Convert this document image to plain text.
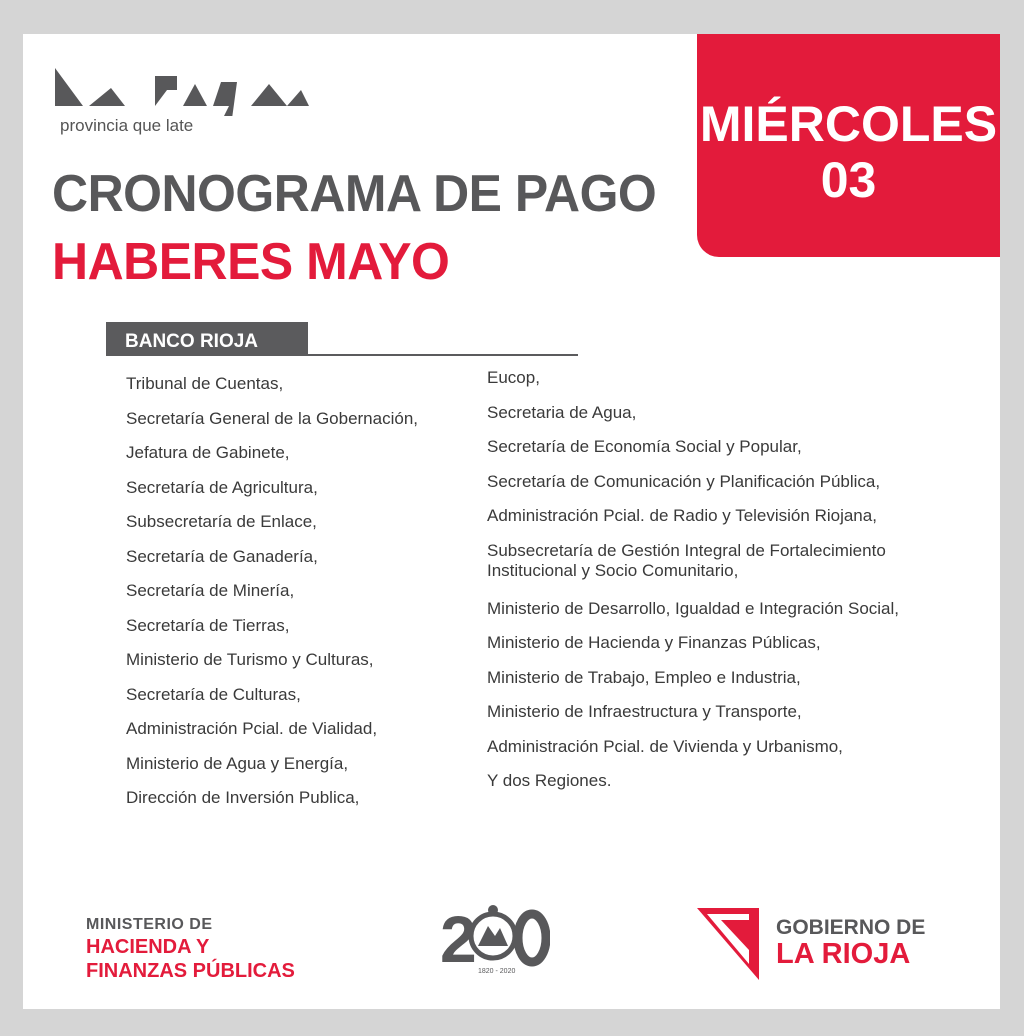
provincia que late	MIÉRCOLES
03
CRONOGRAMA DE PAGO
HABERES MAYO
BANCO RIOJA
Tribunal de Cuentas,
Secretaría General de la Gobernación,
Jefatura de Gabinete,
Secretaría de Agricultura,
Subsecretaría de Enlace,
Secretaría de Ganadería,
Secretaría de Minería,
Secretaría de Tierras,
Ministerio de Turismo y Culturas,
Secretaría de Culturas,
Administración Pcial. de Vialidad,
Ministerio de Agua y Energía,
Dirección de Inversión Publica,
Eucop,
Secretaria de Agua,
Secretaría de Economía Social y Popular,
Secretaría de Comunicación y Planificación Pública,
Administración Pcial. de Radio y Televisión Riojana,
Subsecretaría de Gestión Integral de Fortalecimiento Institucional y Socio Comunitario,
Ministerio de Desarrollo, Igualdad e Integración Social,
Ministerio de Hacienda y Finanzas Públicas,
Ministerio de Trabajo, Empleo e Industria,
Ministerio de Infraestructura y Transporte,
Administración Pcial. de Vivienda y Urbanismo,
Y dos Regiones.
MINISTERIO DE
HACIENDA Y
FINANZAS PÚBLICAS 2 1820 - 2020
GOBIERNO DE
LA RIOJA
